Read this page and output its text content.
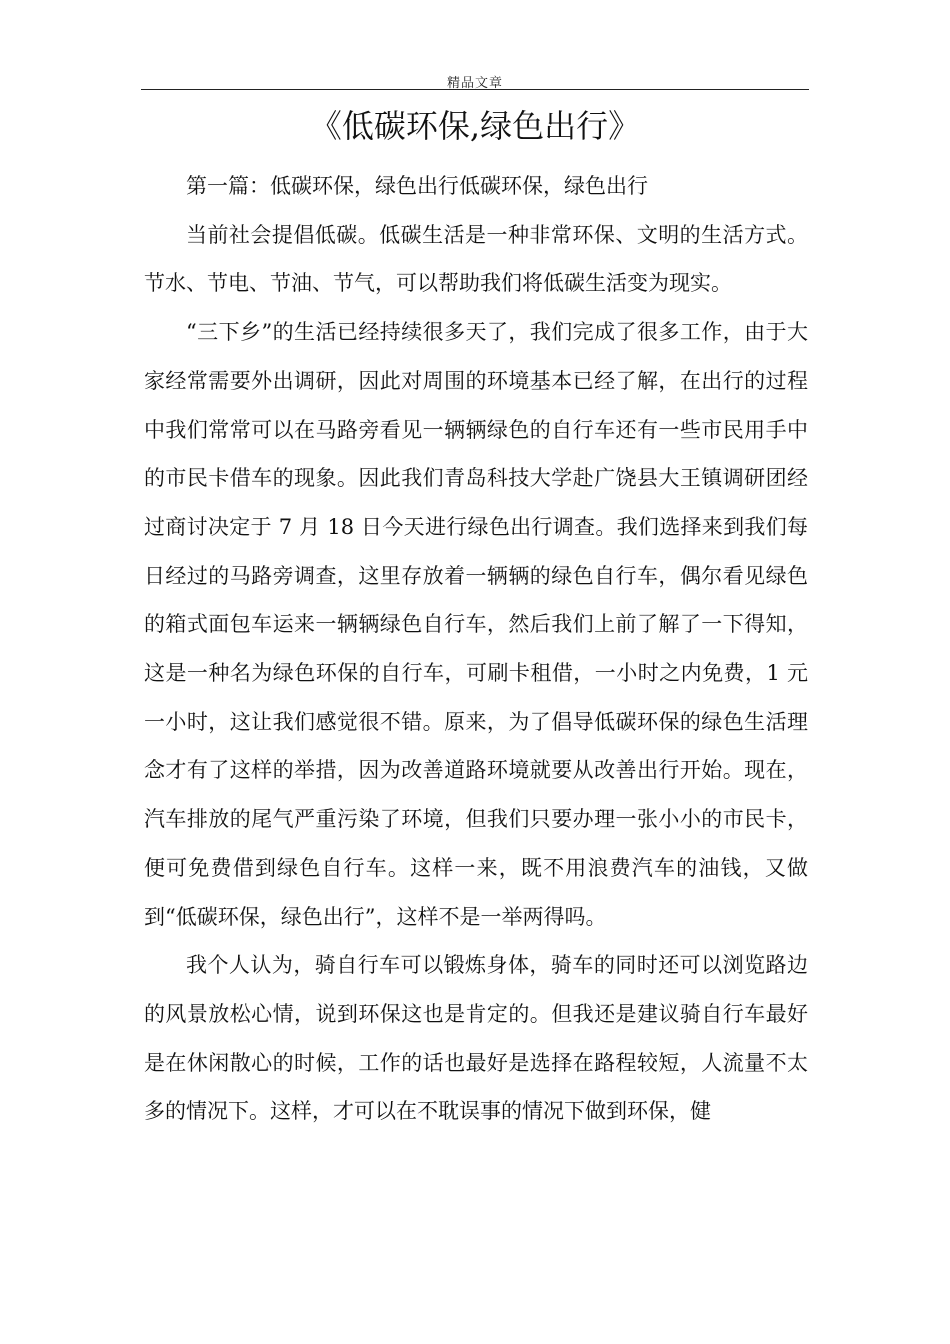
精品文章
《低碳环保,绿色出行》

第一篇：低碳环保，绿色出行低碳环保，绿色出行

当前社会提倡低碳。低碳生活是一种非常环保、文明的生活方式。节水、节电、节油、节气，可以帮助我们将低碳生活变为现实。

“三下乡”的生活已经持续很多天了，我们完成了很多工作，由于大家经常需要外出调研，因此对周围的环境基本已经了解，在出行的过程中我们常常可以在马路旁看见一辆辆绿色的自行车还有一些市民用手中的市民卡借车的现象。因此我们青岛科技大学赴广饶县大王镇调研团经过商讨决定于 7 月 18 日今天进行绿色出行调查。我们选择来到我们每日经过的马路旁调查，这里存放着一辆辆的绿色自行车，偶尔看见绿色的箱式面包车运来一辆辆绿色自行车，然后我们上前了解了一下得知，这是一种名为绿色环保的自行车，可刷卡租借，一小时之内免费，1 元一小时，这让我们感觉很不错。原来，为了倡导低碳环保的绿色生活理念才有了这样的举措，因为改善道路环境就要从改善出行开始。现在，汽车排放的尾气严重污染了环境，但我们只要办理一张小小的市民卡，便可免费借到绿色自行车。这样一来，既不用浪费汽车的油钱，又做到“低碳环保，绿色出行”，这样不是一举两得吗。

我个人认为，骑自行车可以锻炼身体，骑车的同时还可以浏览路边的风景放松心情，说到环保这也是肯定的。但我还是建议骑自行车最好是在休闲散心的时候，工作的话也最好是选择在路程较短，人流量不太多的情况下。这样，才可以在不耽误事的情况下做到环保，健
